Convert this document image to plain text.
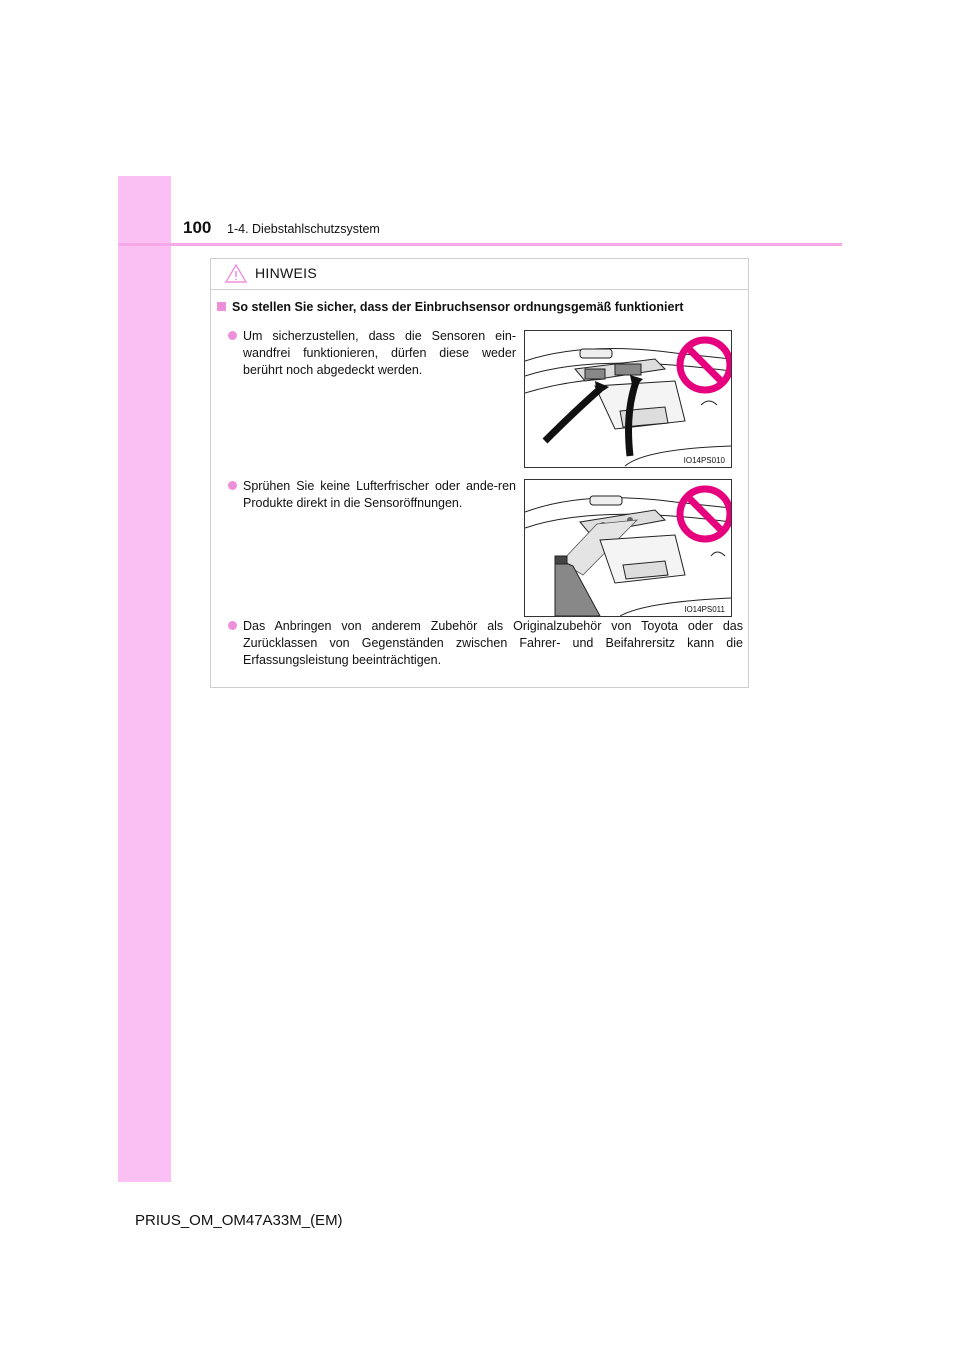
100 1-4. Diebstahlschutzsystem
HINWEIS
So stellen Sie sicher, dass der Einbruchsensor ordnungsgemäß funktioniert
Um sicherzustellen, dass die Sensoren ein-wandfrei funktionieren, dürfen diese weder berührt noch abgedeckt werden.
IO14PS010
Sprühen Sie keine Lufterfrischer oder ande-ren Produkte direkt in die Sensoröffnungen.
IO14PS011
Das Anbringen von anderem Zubehör als Originalzubehör von Toyota oder das Zurücklassen von Gegenständen zwischen Fahrer- und Beifahrersitz kann die Erfassungsleistung beeinträchtigen.
PRIUS_OM_OM47A33M_(EM)
